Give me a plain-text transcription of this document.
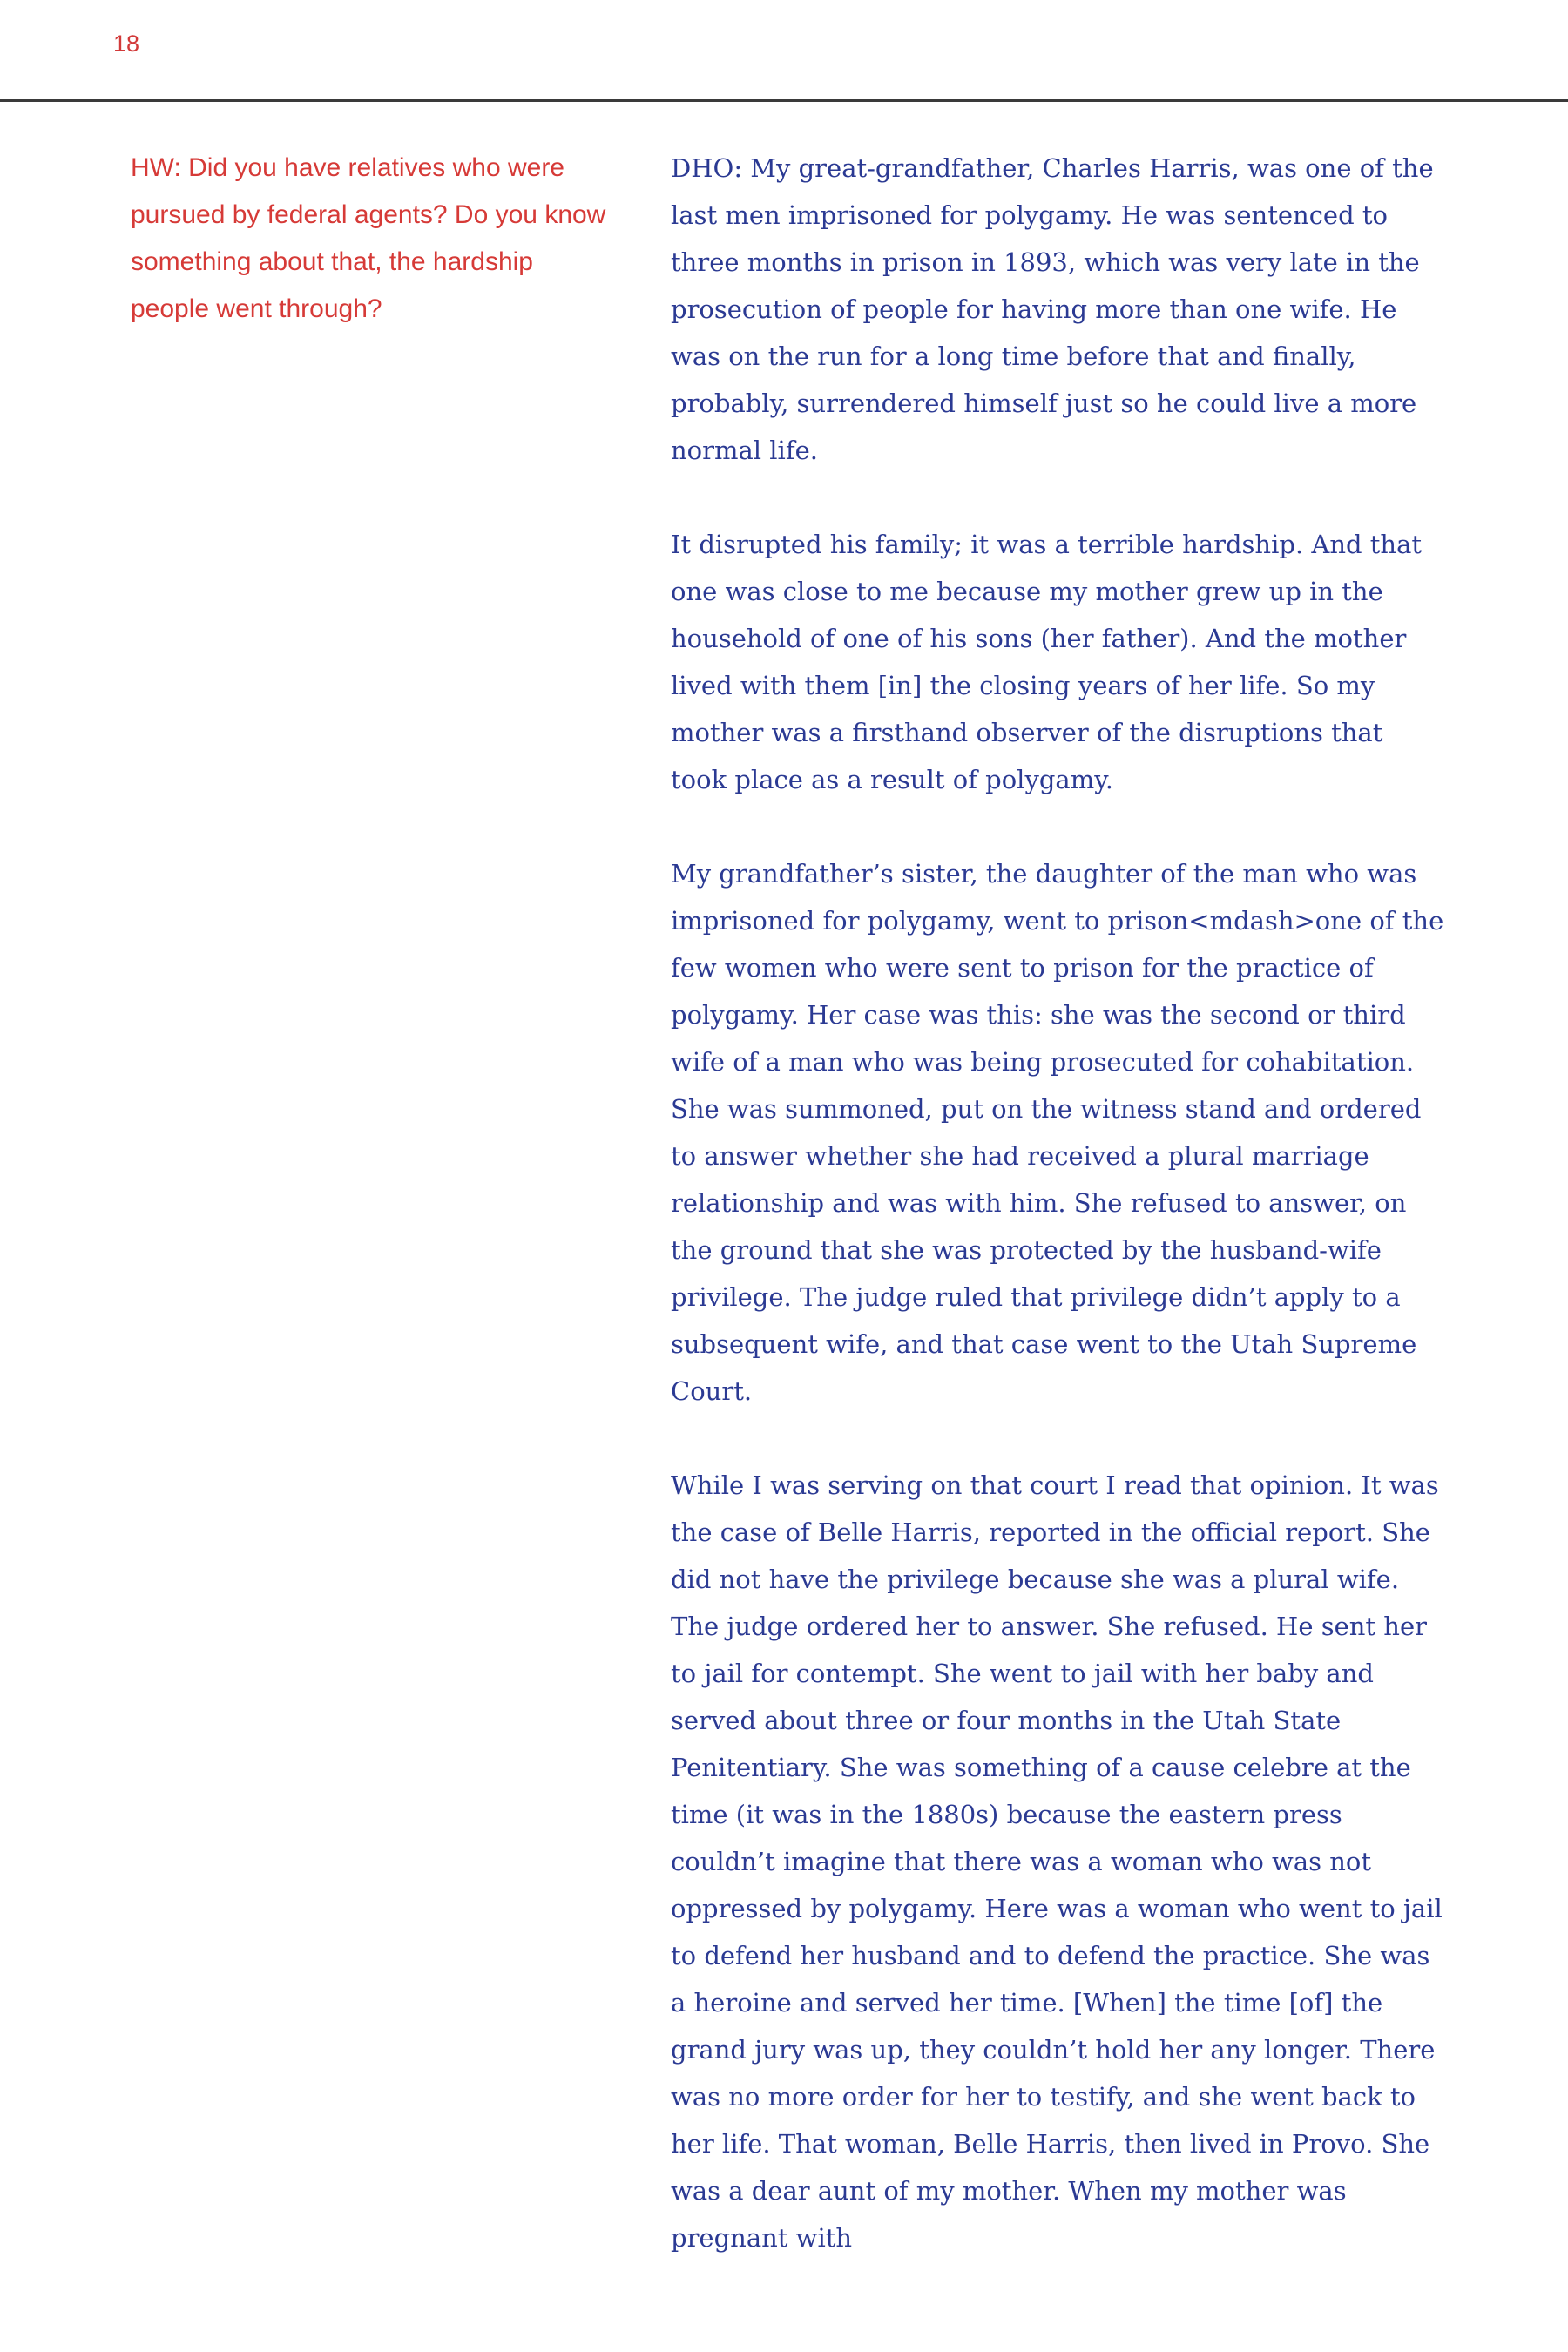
18

HW: Did you have relatives who were pursued by federal agents? Do you know something about that, the hardship people went through?

DHO: My great-grandfather, Charles Harris, was one of the last men imprisoned for polygamy. He was sentenced to three months in prison in 1893, which was very late in the prosecution of people for having more than one wife. He was on the run for a long time before that and finally, probably, surrendered himself just so he could live a more normal life.

It disrupted his family; it was a terrible hardship. And that one was close to me because my mother grew up in the household of one of his sons (her father). And the mother lived with them [in] the closing years of her life. So my mother was a firsthand observer of the disruptions that took place as a result of polygamy.

My grandfather’s sister, the daughter of the man who was imprisoned for polygamy, went to prison<mdash>one of the few women who were sent to prison for the practice of polygamy. Her case was this: she was the second or third wife of a man who was being prosecuted for cohabitation. She was summoned, put on the witness stand and ordered to answer whether she had received a plural marriage relationship and was with him. She refused to answer, on the ground that she was protected by the husband-wife privilege. The judge ruled that privilege didn’t apply to a subsequent wife, and that case went to the Utah Supreme Court.

While I was serving on that court I read that opinion. It was the case of Belle Harris, reported in the official report. She did not have the privilege because she was a plural wife. The judge ordered her to answer. She refused. He sent her to jail for contempt. She went to jail with her baby and served about three or four months in the Utah State Penitentiary. She was something of a cause celebre at the time (it was in the 1880s) because the eastern press couldn’t imagine that there was a woman who was not oppressed by polygamy. Here was a woman who went to jail to defend her husband and to defend the practice. She was a heroine and served her time. [When] the time [of] the grand jury was up, they couldn’t hold her any longer. There was no more order for her to testify, and she went back to her life. That woman, Belle Harris, then lived in Provo. She was a dear aunt of my mother. When my mother was pregnant with
